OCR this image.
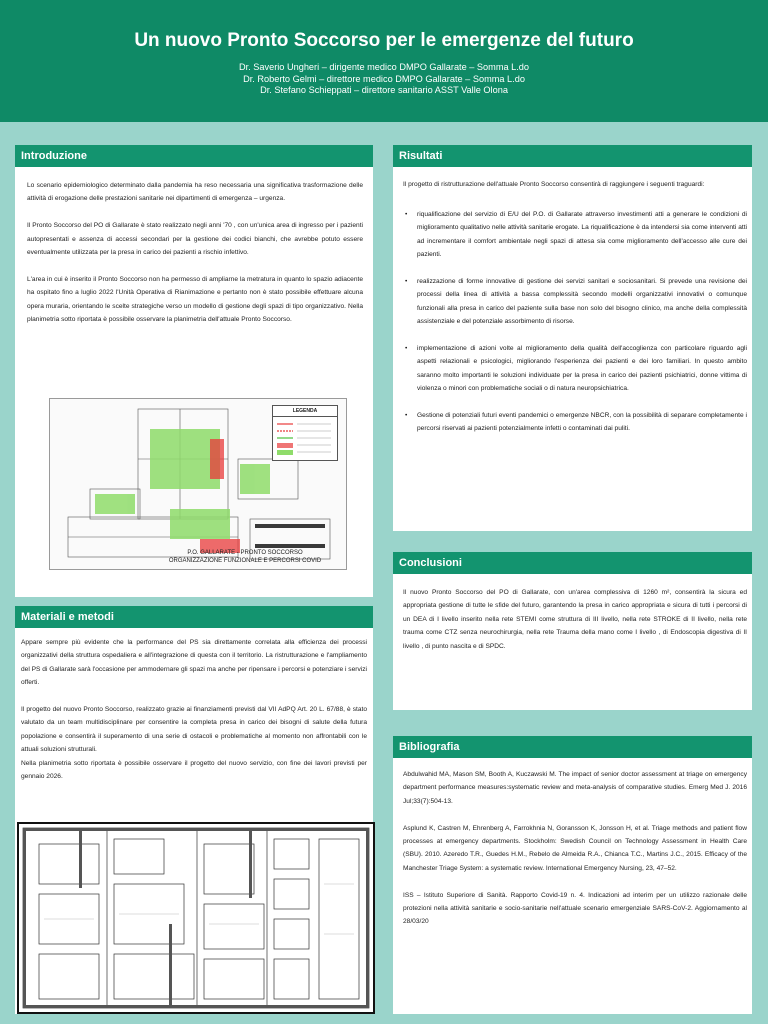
Un nuovo Pronto Soccorso per le emergenze del futuro
Dr. Saverio Ungheri – dirigente medico DMPO Gallarate – Somma L.do
Dr. Roberto Gelmi – direttore medico DMPO Gallarate – Somma L.do
Dr. Stefano Schieppati – direttore sanitario ASST Valle Olona
Introduzione

Lo scenario epidemiologico determinato dalla pandemia ha reso necessaria una significativa trasformazione delle attività di erogazione delle prestazioni sanitarie nei dipartimenti di emergenza – urgenza.

Il Pronto Soccorso del PO di Gallarate è stato realizzato negli anni '70 , con un'unica area di ingresso per i pazienti autopresentati e assenza di accessi secondari per la gestione dei codici bianchi, che avrebbe potuto essere eventualmente utilizzata per la presa in carico dei pazienti a rischio infettivo.

L'area in cui è inserito il Pronto Soccorso non ha permesso di ampliarne la metratura in quanto lo spazio adiacente ha ospitato fino a luglio 2022 l'Unità Operativa di Rianimazione e pertanto non è stato possibile effettuare alcuna opera muraria, orientando le scelte strategiche verso un modello di gestione degli spazi di tipo organizzativo. Nella planimetria sotto riportata è possibile osservare la planimetria dell'attuale Pronto Soccorso.

LEGENDA
P.O. GALLARATE - PRONTO SOCCORSO
ORGANIZZAZIONE FUNZIONALE E PERCORSI COVID
Materiali e metodi

Appare sempre più evidente che la performance del PS sia direttamente correlata alla efficienza dei processi organizzativi della struttura ospedaliera e all'integrazione di questa con il territorio. La ristrutturazione e l'ampliamento del PS di Gallarate sarà l'occasione per ammodernare gli spazi ma anche per ripensare i percorsi e potenziare i servizi offerti.

Il progetto del nuovo Pronto Soccorso, realizzato grazie ai finanziamenti previsti dal VII AdPQ Art. 20 L. 67/88, è stato valutato da un team multidisciplinare per consentire la completa presa in carico dei bisogni di salute della futura popolazione e consentirà il superamento di una serie di ostacoli e problematiche al momento non affrontabili con le attuali soluzioni strutturali.

Nella planimetria sotto riportata è possibile osservare il progetto del nuovo servizio, con fine dei lavori previsti per gennaio 2026.

Risultati
Il progetto di ristrutturazione dell'attuale Pronto Soccorso consentirà di raggiungere i seguenti traguardi:
• riqualificazione del servizio di E/U del P.O. di Gallarate attraverso investimenti atti a generare le condizioni di miglioramento qualitativo nelle attività sanitarie erogate. La riqualificazione è da intendersi sia come interventi atti ad incrementare il comfort ambientale negli spazi di attesa sia come miglioramento dell'accesso alle cure dei pazienti.
• realizzazione di forme innovative di gestione dei servizi sanitari e sociosanitari. Si prevede una revisione dei processi della linea di attività a bassa complessità secondo modelli organizzativi innovativi o comunque funzionali alla presa in carico del paziente sulla base non solo del bisogno clinico, ma anche della complessità assistenziale e del potenziale assorbimento di risorse.
• implementazione di azioni volte al miglioramento della qualità dell'accoglienza con particolare riguardo agli aspetti relazionali e psicologici, migliorando l'esperienza dei pazienti e dei loro familiari. In questo ambito saranno molto importanti le soluzioni individuate per la presa in carico dei pazienti psichiatrici, donne vittima di violenza o minori con problematiche sociali o di natura neuropsichiatrica.
• Gestione di potenziali futuri eventi pandemici o emergenze NBCR, con la possibilità di separare completamente i percorsi riservati ai pazienti potenzialmente infetti o contaminati dai puliti.
Conclusioni
Il nuovo Pronto Soccorso del PO di Gallarate, con un'area complessiva di 1260 m², consentirà la sicura ed appropriata gestione di tutte le sfide del futuro, garantendo la presa in carico appropriata e sicura di tutti i percorsi di un DEA di I livello inserito nella rete STEMI come struttura di III livello, nella rete STROKE di II livello, nella rete trauma come CTZ senza neurochirurgia, nella rete Trauma della mano come I livello , di Endoscopia digestiva di II livello , di punto nascita e di SPDC.
Bibliografia

Abdulwahid MA, Mason SM, Booth A, Kuczawski M. The impact of senior doctor assessment at triage on emergency department performance measures:systematic review and meta-analysis of comparative studies. Emerg Med J. 2016 Jul;33(7):504-13.

Asplund K, Castren M, Ehrenberg A, Farrokhnia N, Goransson K, Jonsson H, et al. Triage methods and patient flow processes at emergency departments. Stockholm: Swedish Council on Technology Assessment in Health Care (SBU). 2010. Azeredo T.R., Guedes H.M., Rebelo de Almeida R.A., Chianca T.C., Martins J.C., 2015. Efficacy of the Manchester Triage System: a systematic review. International Emergency Nursing, 23, 47–52.

ISS – Istituto Superiore di Sanità. Rapporto Covid-19 n. 4. Indicazioni ad interim per un utilizzo razionale delle protezioni nella attività sanitarie e socio-sanitarie nell'attuale scenario emergenziale SARS-CoV-2. Aggiornamento al 28/03/20
